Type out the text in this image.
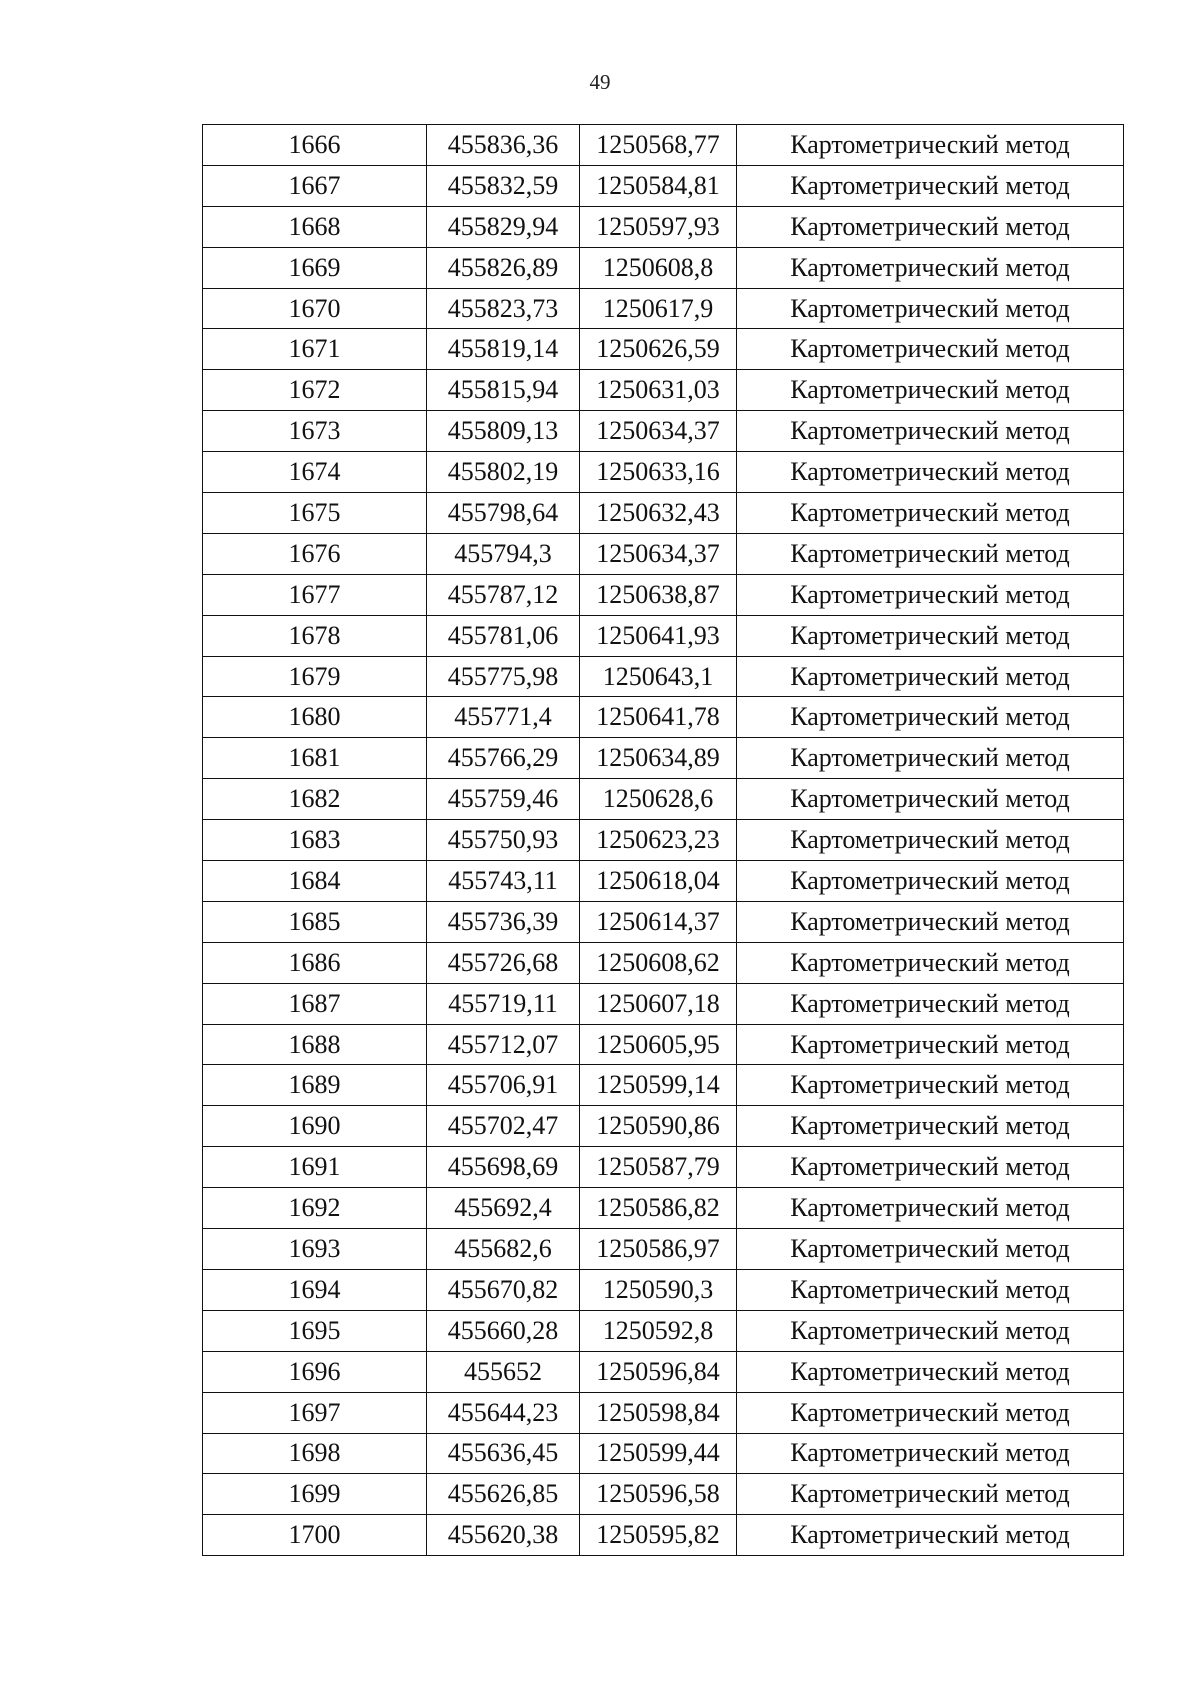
49
1666	455836,36	1250568,77	Картометрический метод
1667	455832,59	1250584,81	Картометрический метод
1668	455829,94	1250597,93	Картометрический метод
1669	455826,89	1250608,8	Картометрический метод
1670	455823,73	1250617,9	Картометрический метод
1671	455819,14	1250626,59	Картометрический метод
1672	455815,94	1250631,03	Картометрический метод
1673	455809,13	1250634,37	Картометрический метод
1674	455802,19	1250633,16	Картометрический метод
1675	455798,64	1250632,43	Картометрический метод
1676	455794,3	1250634,37	Картометрический метод
1677	455787,12	1250638,87	Картометрический метод
1678	455781,06	1250641,93	Картометрический метод
1679	455775,98	1250643,1	Картометрический метод
1680	455771,4	1250641,78	Картометрический метод
1681	455766,29	1250634,89	Картометрический метод
1682	455759,46	1250628,6	Картометрический метод
1683	455750,93	1250623,23	Картометрический метод
1684	455743,11	1250618,04	Картометрический метод
1685	455736,39	1250614,37	Картометрический метод
1686	455726,68	1250608,62	Картометрический метод
1687	455719,11	1250607,18	Картометрический метод
1688	455712,07	1250605,95	Картометрический метод
1689	455706,91	1250599,14	Картометрический метод
1690	455702,47	1250590,86	Картометрический метод
1691	455698,69	1250587,79	Картометрический метод
1692	455692,4	1250586,82	Картометрический метод
1693	455682,6	1250586,97	Картометрический метод
1694	455670,82	1250590,3	Картометрический метод
1695	455660,28	1250592,8	Картометрический метод
1696	455652	1250596,84	Картометрический метод
1697	455644,23	1250598,84	Картометрический метод
1698	455636,45	1250599,44	Картометрический метод
1699	455626,85	1250596,58	Картометрический метод
1700	455620,38	1250595,82	Картометрический метод
